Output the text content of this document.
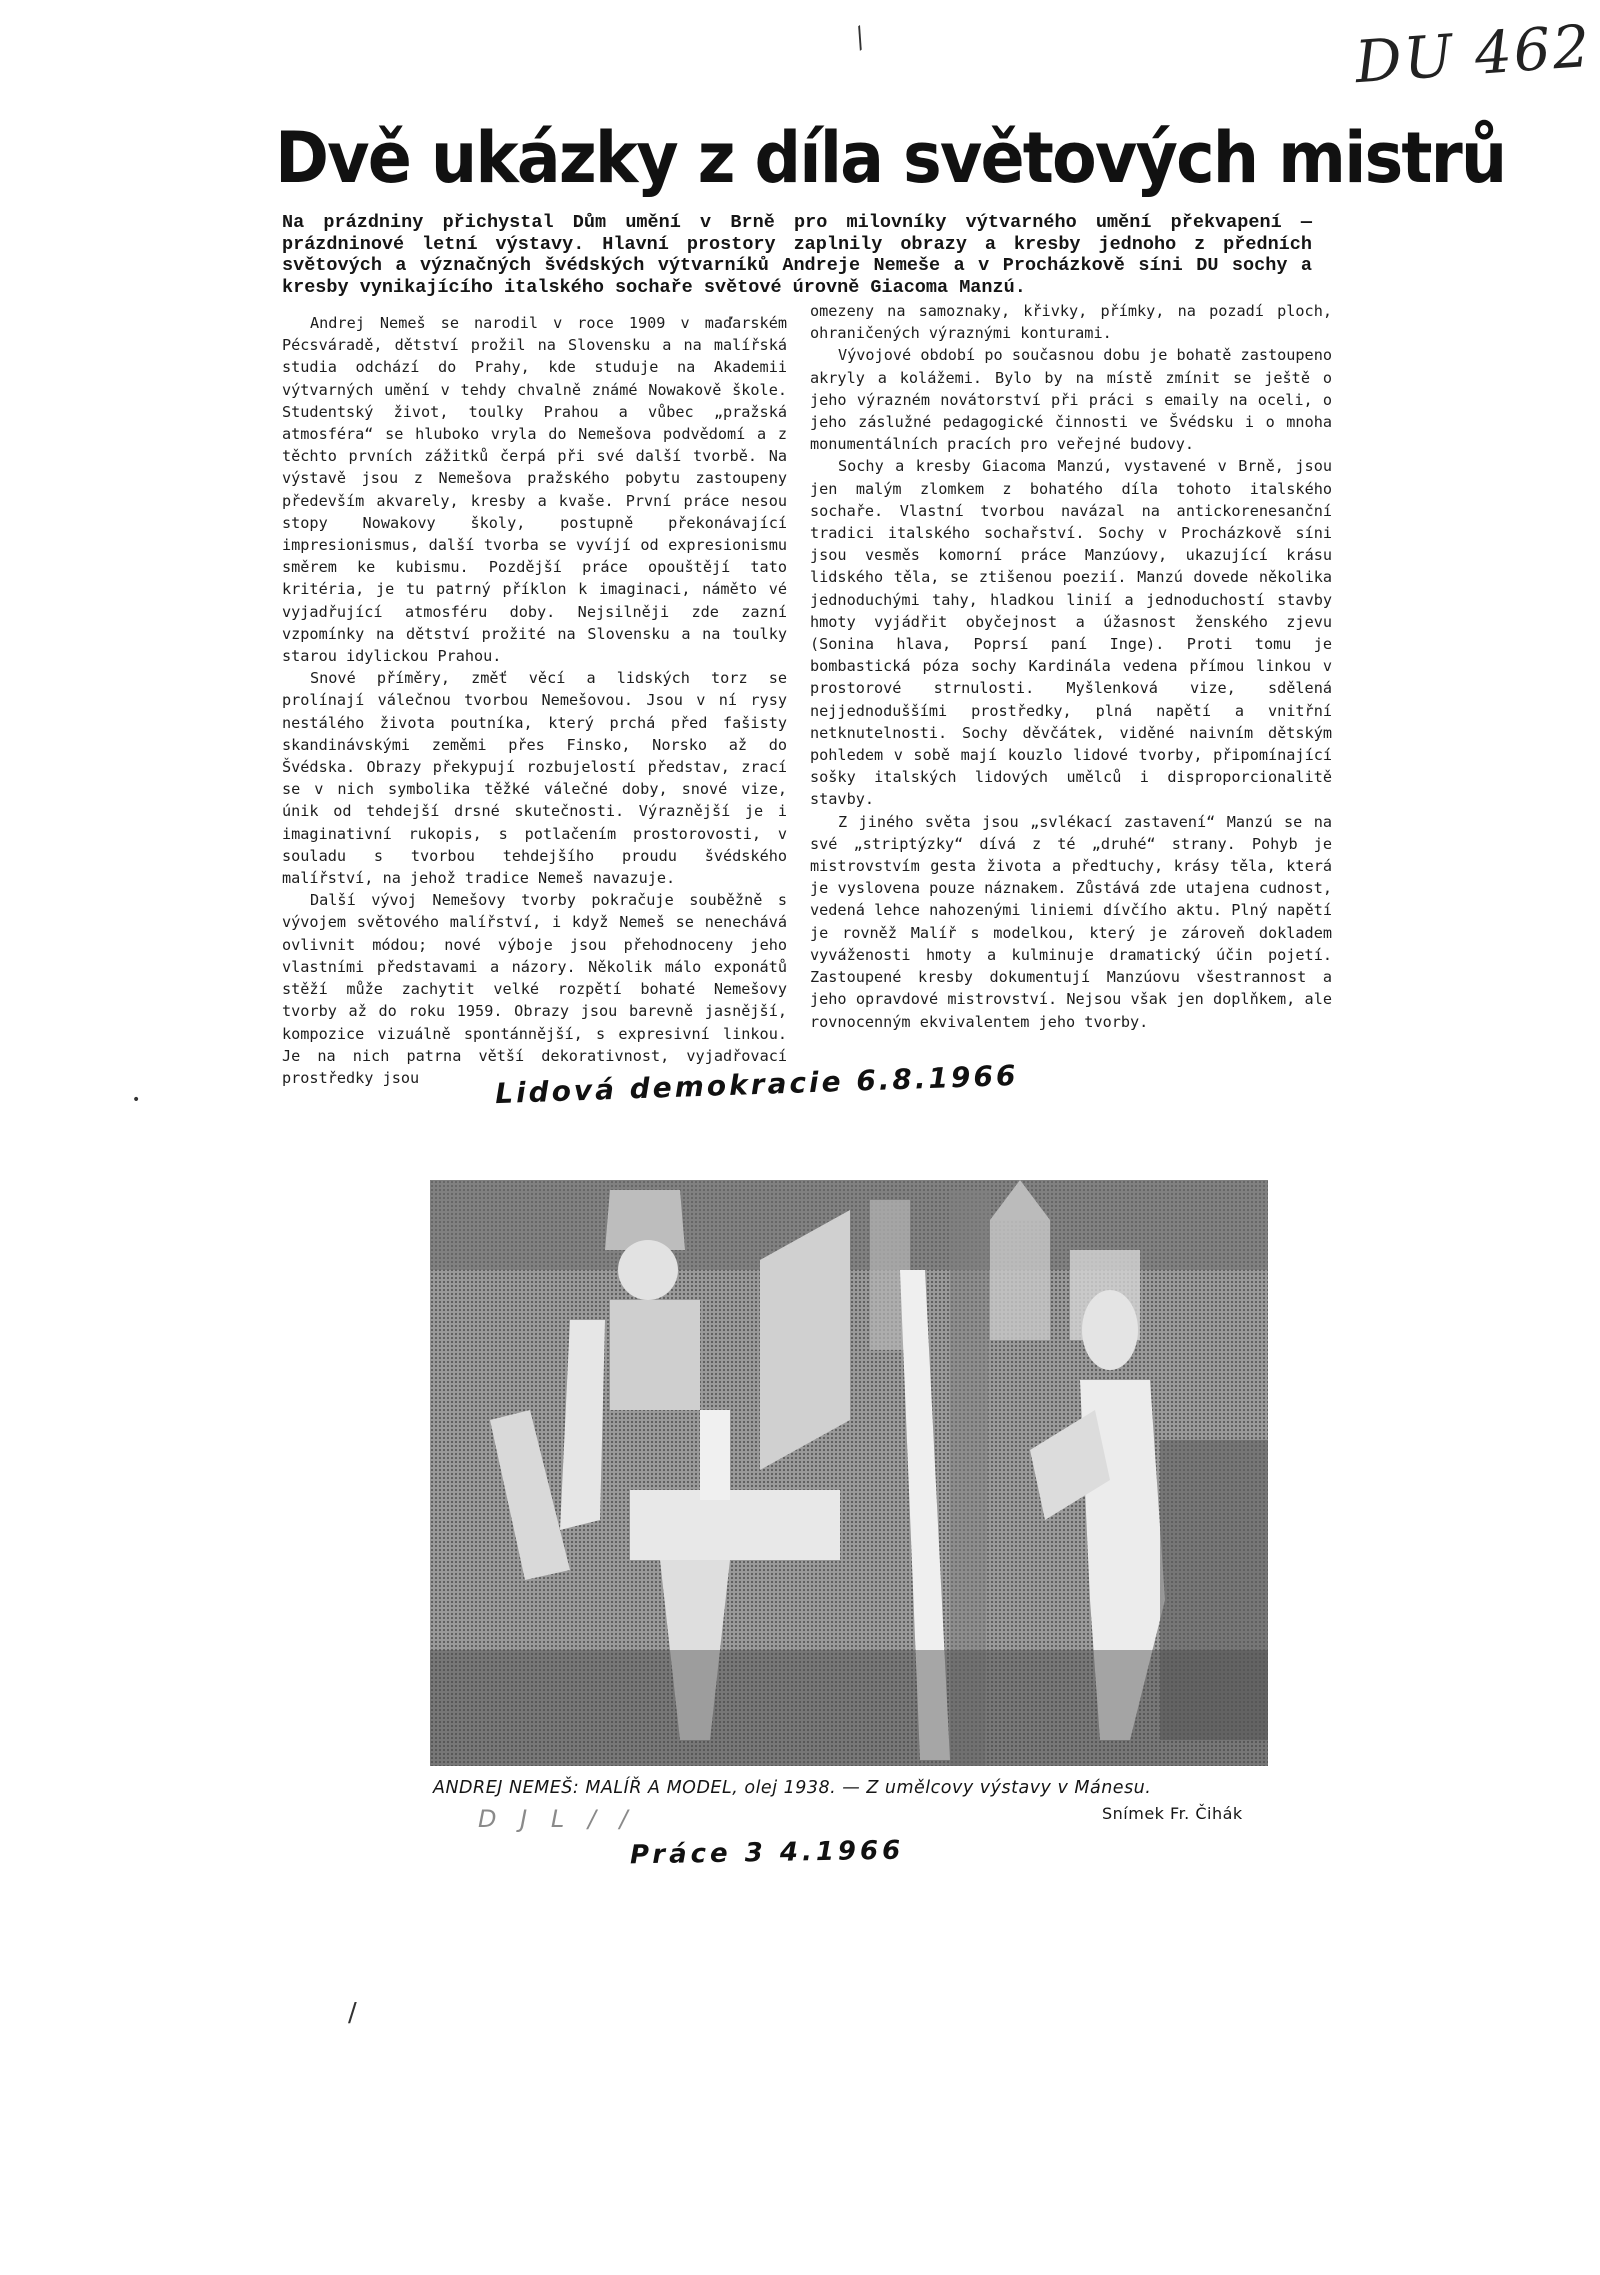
DU 462
⁄
•
/
Dvě ukázky z díla světových mistrů
Na prázdniny přichystal Dům umění v Brně pro milovníky výtvarného umění překvapení — prázdninové letní výstavy. Hlavní prostory zaplnily obrazy a kresby jednoho z předních světových a význačných švédských výtvarníků Andreje Nemeše a v Procházkově síni DU sochy a kresby vynikajícího italského sochaře světové úrovně Giacoma Manzú.

Andrej Nemeš se narodil v roce 1909 v maďarském Pécsváradě, dětství prožil na Slovensku a na malířská studia odchází do Prahy, kde studuje na Akademii výtvarných umění v tehdy chvalně známé Nowakově škole. Studentský život, toulky Prahou a vůbec „pražská atmosféra“ se hluboko vryla do Nemešova podvědomí a z těchto prvních zážitků čerpá při své další tvorbě. Na výstavě jsou z Nemešova pražského pobytu zastoupeny především akvarely, kresby a kvaše. První práce nesou stopy Nowakovy školy, postupně překonávající impresionismus, další tvorba se vyvíjí od expresionismu směrem ke kubismu. Pozdější práce opouštějí tato kritéria, je tu patrný příklon k imaginaci, náměto vé vyjadřující atmosféru doby. Nejsilněji zde zazní vzpomínky na dětství prožité na Slovensku a na toulky starou idylickou Prahou.

Snové příměry, změť věcí a lidských torz se prolínají válečnou tvorbou Nemešovou. Jsou v ní rysy nestálého života poutníka, který prchá před fašisty skandinávskými zeměmi přes Finsko, Norsko až do Švédska. Obrazy překypují rozbujelostí představ, zrací se v nich symbolika těžké válečné doby, snové vize, únik od tehdejší drsné skutečnosti. Výraznější je i imaginativní rukopis, s potlačením prostorovosti, v souladu s tvorbou tehdejšího proudu švédského malířství, na jehož tradice Nemeš navazuje.

Další vývoj Nemešovy tvorby pokračuje souběžně s vývojem světového malířství, i když Nemeš se nenechává ovlivnit módou; nové výboje jsou přehodnoceny jeho vlastními představami a názory. Několik málo exponátů stěží může zachytit velké rozpětí bohaté Nemešovy tvorby až do roku 1959. Obrazy jsou barevně jasnější, kompozice vizuálně spontánnější, s expresivní linkou. Je na nich patrna větší dekorativnost, vyjadřovací prostředky jsou

omezeny na samoznaky, křivky, přímky, na pozadí ploch, ohraničených výraznými konturami.

Vývojové období po současnou dobu je bohatě zastoupeno akryly a kolážemi. Bylo by na místě zmínit se ještě o jeho výrazném novátorství při práci s emaily na oceli, o jeho záslužné pedagogické činnosti ve Švédsku i o mnoha monumentálních pracích pro veřejné budovy.

Sochy a kresby Giacoma Manzú, vystavené v Brně, jsou jen malým zlomkem z bohatého díla tohoto italského sochaře. Vlastní tvorbou navázal na antickorenesanční tradici italského sochařství. Sochy v Procházkově síni jsou vesměs komorní práce Manzúovy, ukazující krásu lidského těla, se ztišenou poezií. Manzú dovede několika jednoduchými tahy, hladkou linií a jednoduchostí stavby hmoty vyjádřit obyčejnost a úžasnost ženského zjevu (Sonina hlava, Poprsí paní Inge). Proti tomu je bombastická póza sochy Kardinála vedena přímou linkou v prostorové strnulosti. Myšlenková vize, sdělená nejjednoduššími prostředky, plná napětí a vnitřní netknutelnosti. Sochy děvčátek, viděné naivním dětským pohledem v sobě mají kouzlo lidové tvorby, připomínající sošky italských lidových umělců i disproporcionalitě stavby.

Z jiného světa jsou „svlékací zastavení“ Manzú se na své „striptýzky“ dívá z té „druhé“ strany. Pohyb je mistrovstvím gesta života a předtuchy, krásy těla, která je vyslovena pouze náznakem. Zůstává zde utajena cudnost, vedená lehce nahozenými liniemi dívčího aktu. Plný napětí je rovněž Malíř s modelkou, který je zároveň dokladem vyváženosti hmoty a kulminuje dramatický účin pojetí. Zastoupené kresby dokumentují Manzúovu všestrannost a jeho opravdové mistrovství. Nejsou však jen doplňkem, ale rovnocenným ekvivalentem jeho tvorby.

Lidová demokracie 6.8.1966
ANDREJ NEMEŠ: MALÍŘ A MODEL, olej 1938. — Z umělcovy výstavy v Mánesu.
Snímek Fr. Čihák
D J L / /
Práce 3 4.1966
